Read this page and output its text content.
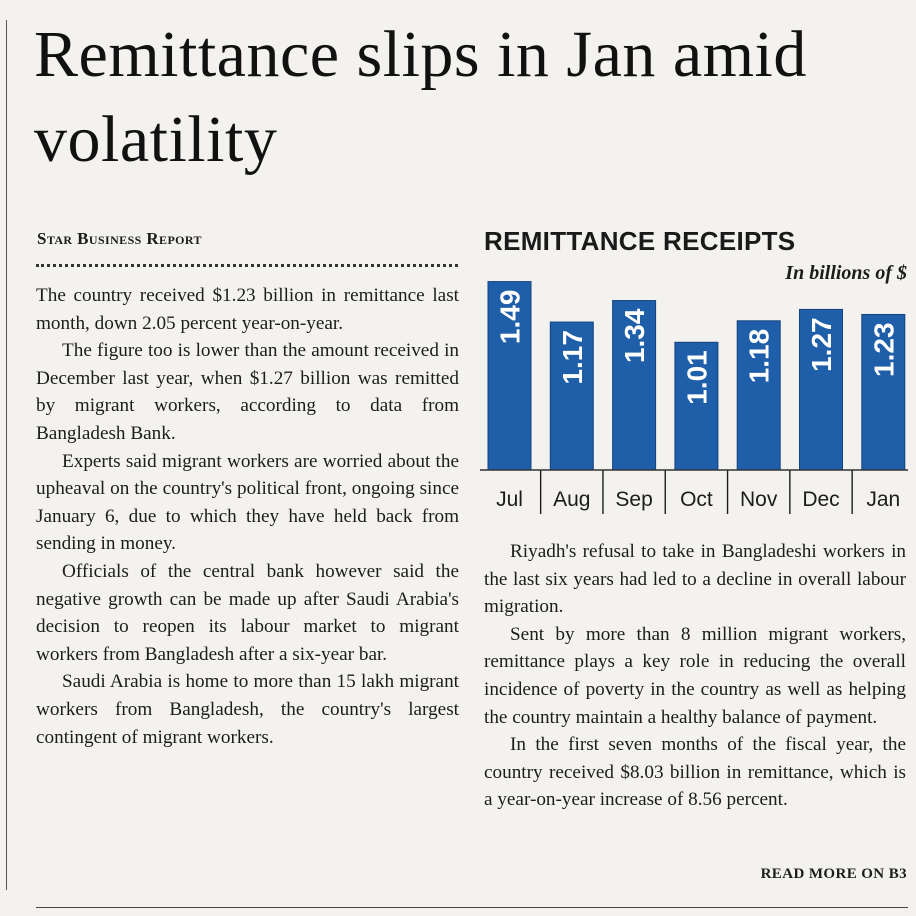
Remittance slips in Jan amid volatility
Star Business Report

The country received $1.23 billion in remittance last month, down 2.05 percent year-on-year.

The figure too is lower than the amount received in December last year, when $1.27 billion was remitted by migrant workers, according to data from Bangladesh Bank.

Experts said migrant workers are worried about the upheaval on the country's political front, ongoing since January 6, due to which they have held back from sending in money.

Officials of the central bank however said the negative growth can be made up after Saudi Arabia's decision to reopen its labour market to migrant workers from Bangladesh after a six-year bar.

Saudi Arabia is home to more than 15 lakh migrant workers from Bangladesh, the country's largest contingent of migrant workers.

REMITTANCE RECEIPTS
In billions of $
1.49
Jul
1.17
Aug
1.34
Sep
1.01
Oct
1.18
Nov
1.27
Dec
1.23
Jan

Riyadh's refusal to take in Bangladeshi workers in the last six years had led to a decline in overall labour migration.

Sent by more than 8 million migrant workers, remittance plays a key role in reducing the overall incidence of poverty in the country as well as helping the country maintain a healthy balance of payment.

In the first seven months of the fiscal year, the country received $8.03 billion in remittance, which is a year-on-year increase of 8.56 percent.

READ MORE ON B3
